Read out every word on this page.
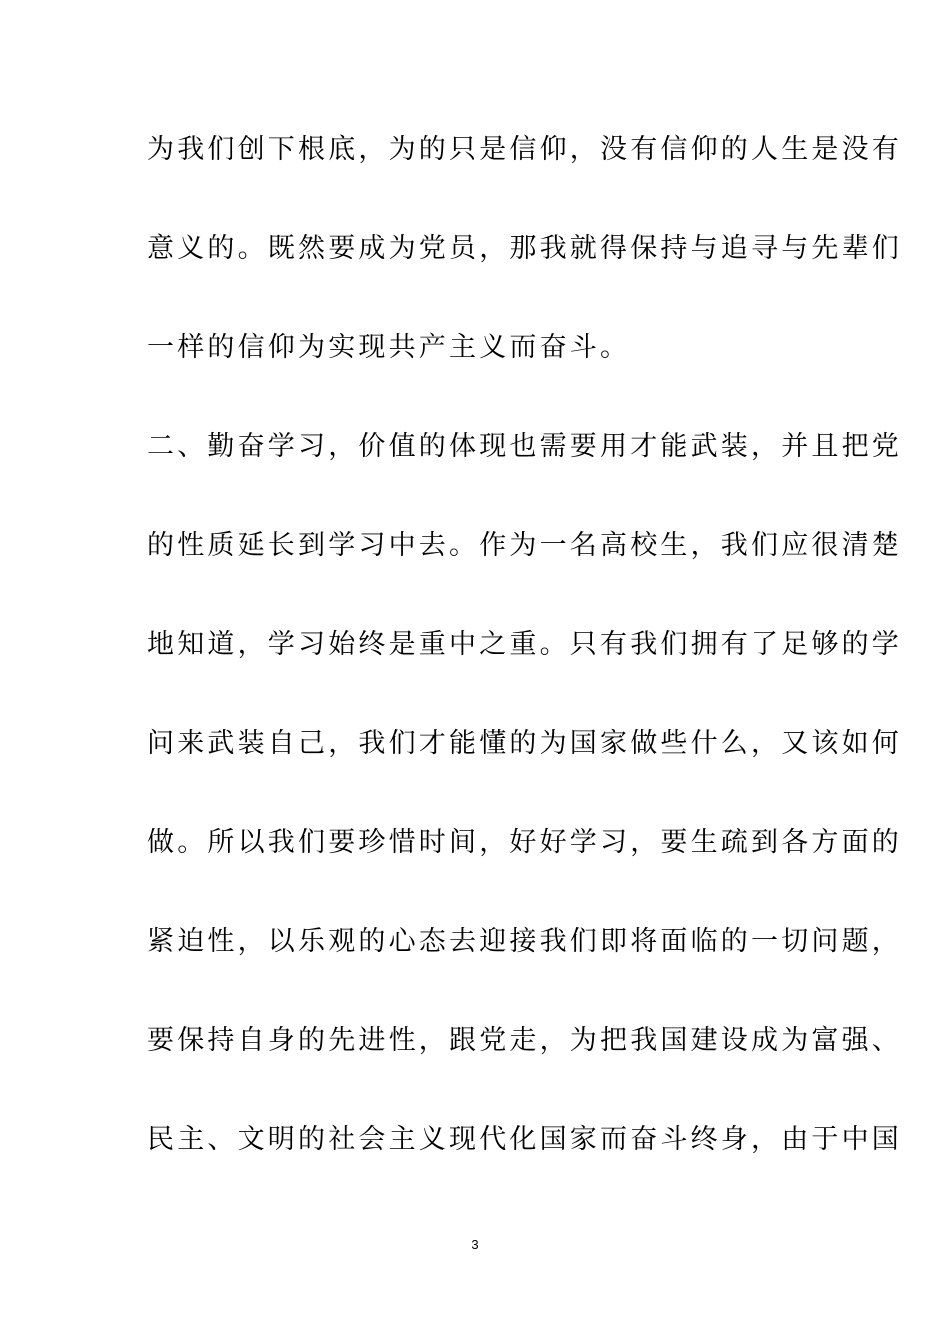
为我们创下根底，为的只是信仰，没有信仰的人生是没有
意义的。既然要成为党员，那我就得保持与追寻与先辈们
一样的信仰为实现共产主义而奋斗。
二、勤奋学习，价值的体现也需要用才能武装，并且把党
的性质延长到学习中去。作为一名高校生，我们应很清楚
地知道，学习始终是重中之重。只有我们拥有了足够的学
问来武装自己，我们才能懂的为国家做些什么，又该如何
做。所以我们要珍惜时间，好好学习，要生疏到各方面的
紧迫性，以乐观的心态去迎接我们即将面临的一切问题，
要保持自身的先进性，跟党走，为把我国建设成为富强、
民主、文明的社会主义现代化国家而奋斗终身，由于中国
3
